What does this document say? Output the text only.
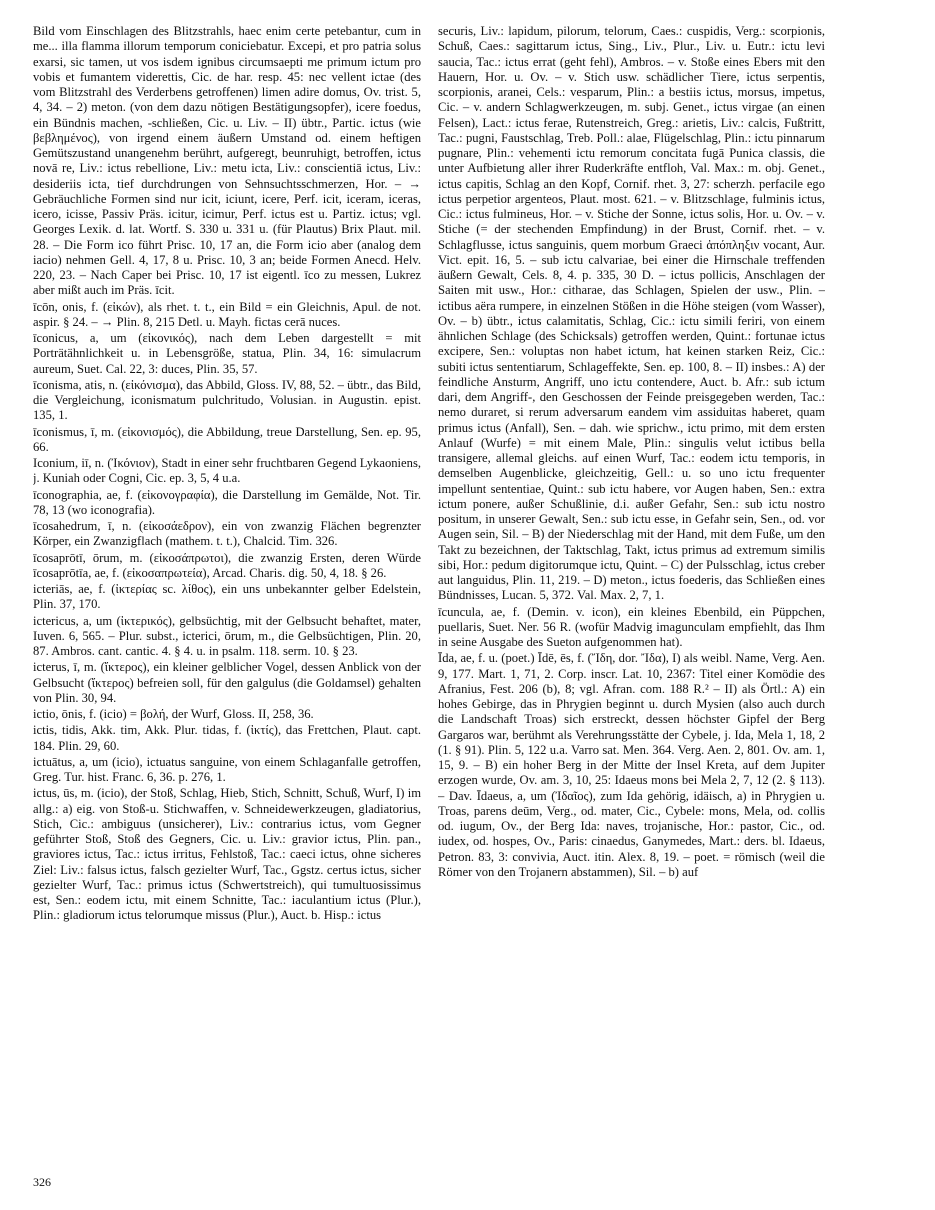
Bild vom Einschlagen des Blitzstrahls, haec enim certe petebantur, cum in me... illa flamma illorum temporum coniciebatur. Excepi, et pro patria solus exarsi, sic tamen, ut vos isdem ignibus circumsaepti me primum ictum pro vobis et fumantem viderettis, Cic. de har. resp. 45: nec vellent ictae (des vom Blitzstrahl des Verderbens getroffenen) limen adire domus, Ov. trist. 5, 4, 34. – 2) meton. (von dem dazu nötigen Bestätigungsopfer), icere foedus, ein Bündnis machen, -schließen, Cic. u. Liv. – II) übtr., Partic. ictus (wie βεβλημένος), von irgend einem äußern Umstand od. einem heftigen Gemütszustand unangenehm berührt, aufgeregt, beunruhigt, betroffen, ictus novā re, Liv.: ictus rebellione, Liv.: metu icta, Liv.: conscientiā ictus, Liv.: desideriis icta, tief durchdrungen von Sehnsuchtsschmerzen, Hor. – → Gebräuchliche Formen sind nur icit, iciunt, icere, Perf. icit, iceram, iceras, icero, icisse, Passiv Präs. icitur, icimur, Perf. ictus est u. Partiz. ictus; vgl. Georges Lexik. d. lat. Wortf. S. 330 u. 331 u. (für Plautus) Brix Plaut. mil. 28. – Die Form ico führt Prisc. 10, 17 an, die Form icio aber (analog dem iacio) nehmen Gell. 4, 17, 8 u. Prisc. 10, 3 an; beide Formen Anecd. Helv. 220, 23. – Nach Caper bei Prisc. 10, 17 ist eigentl. īco zu messen, Lukrez aber mißt auch im Präs. īcit.

īcōn, onis, f. (εἰκών), als rhet. t. t., ein Bild = ein Gleichnis, Apul. de not. aspir. § 24. – → Plin. 8, 215 Detl. u. Mayh. fictas cerā nuces.

īconicus, a, um (εἰκονικός), nach dem Leben dargestellt = mit Porträtähnlichkeit u. in Lebensgröße, statua, Plin. 34, 16: simulacrum aureum, Suet. Cal. 22, 3: duces, Plin. 35, 57.

īconisma, atis, n. (εἰκόνισμα), das Abbild, Gloss. IV, 88, 52. – übtr., das Bild, die Vergleichung, iconismatum pulchritudo, Volusian. in Augustin. epist. 135, 1.

īconismus, ī, m. (εἰκονισμός), die Abbildung, treue Darstellung, Sen. ep. 95, 66.

Iconium, iī, n. (Ἰκόνιον), Stadt in einer sehr fruchtbaren Gegend Lykaoniens, j. Kuniah oder Cogni, Cic. ep. 3, 5, 4 u.a.

īconographia, ae, f. (εἰκονογραφία), die Darstellung im Gemälde, Not. Tir. 78, 13 (wo iconografia).

īcosahedrum, ī, n. (εἰκοσάεδρον), ein von zwanzig Flächen begrenzter Körper, ein Zwanzigflach (mathem. t. t.), Chalcid. Tim. 326.

īcosaprōtī, ōrum, m. (εἰκοσάπρωτοι), die zwanzig Ersten, deren Würde īcosaprōtīa, ae, f. (εἰκοσαπρωτεία), Arcad. Charis. dig. 50, 4, 18. § 26.

icteriās, ae, f. (ἰκτερίας sc. λίθος), ein uns unbekannter gelber Edelstein, Plin. 37, 170.

ictericus, a, um (ἰκτερικός), gelbsüchtig, mit der Gelbsucht behaftet, mater, Iuven. 6, 565. – Plur. subst., icterici, ōrum, m., die Gelbsüchtigen, Plin. 20, 87. Ambros. cant. cantic. 4. § 4. u. in psalm. 118. serm. 10. § 23.

icterus, ī, m. (ἴκτερος), ein kleiner gelblicher Vogel, dessen Anblick von der Gelbsucht (ἴκτερος) befreien soll, für den galgulus (die Goldamsel) gehalten von Plin. 30, 94.

ictio, ōnis, f. (icio) = βολή, der Wurf, Gloss. II, 258, 36.

ictis, tidis, Akk. tim, Akk. Plur. tidas, f. (ἰκτίς), das Frettchen, Plaut. capt. 184. Plin. 29, 60.

ictuātus, a, um (icio), ictuatus sanguine, von einem Schlaganfalle getroffen, Greg. Tur. hist. Franc. 6, 36. p. 276, 1.

ictus, ūs, m. (icio), der Stoß, Schlag, Hieb, Stich, Schnitt, Schuß, Wurf, I) im allg.: a) eig. von Stoß-u. Stichwaffen, v. Schneidewerkzeugen, gladiatorius, Stich, Cic.: ambiguus (unsicherer), Liv.: contrarius ictus, vom Gegner geführter Stoß, Stoß des Gegners, Cic. u. Liv.: gravior ictus, Plin. pan., graviores ictus, Tac.: ictus irritus, Fehlstoß, Tac.: caeci ictus, ohne sicheres Ziel: Liv.: falsus ictus, falsch gezielter Wurf, Tac., Ggstz. certus ictus, sicher gezielter Wurf, Tac.: primus ictus (Schwertstreich), qui tumultuosissimus est, Sen.: eodem ictu, mit einem Schnitte, Tac.: iaculantium ictus (Plur.), Plin.: gladiorum ictus telorumque missus (Plur.), Auct. b. Hisp.: ictus

securis, Liv.: lapidum, pilorum, telorum, Caes.: cuspidis, Verg.: scorpionis, Schuß, Caes.: sagittarum ictus, Sing., Liv., Plur., Liv. u. Eutr.: ictu levi saucia, Tac.: ictus errat (geht fehl), Ambros. – v. Stoße eines Ebers mit den Hauern, Hor. u. Ov. – v. Stich usw. schädlicher Tiere, ictus serpentis, scorpionis, aranei, Cels.: vesparum, Plin.: a bestiis ictus, morsus, impetus, Cic. – v. andern Schlagwerkzeugen, m. subj. Genet., ictus virgae (an einen Felsen), Lact.: ictus ferae, Rutenstreich, Greg.: arietis, Liv.: calcis, Fußtritt, Tac.: pugni, Faustschlag, Treb. Poll.: alae, Flügelschlag, Plin.: ictu pinnarum pugnare, Plin.: vehementi ictu remorum concitata fugā Punica classis, die unter Aufbietung aller ihrer Ruderkräfte entfloh, Val. Max.: m. obj. Genet., ictus capitis, Schlag an den Kopf, Cornif. rhet. 3, 27: scherzh. perfacile ego ictus perpetior argenteos, Plaut. most. 621. – v. Blitzschlage, fulminis ictus, Cic.: ictus fulmineus, Hor. – v. Stiche der Sonne, ictus solis, Hor. u. Ov. – v. Stiche (= der stechenden Empfindung) in der Brust, Cornif. rhet. – v. Schlagflusse, ictus sanguinis, quem morbum Graeci ἀπόπληξιν vocant, Aur. Vict. epit. 16, 5. – sub ictu calvariae, bei einer die Hirnschale treffenden äußern Gewalt, Cels. 8, 4. p. 335, 30 D. – ictus pollicis, Anschlagen der Saiten mit usw., Hor.: citharae, das Schlagen, Spielen der usw., Plin. – ictibus aëra rumpere, in einzelnen Stößen in die Höhe steigen (vom Wasser), Ov. – b) übtr., ictus calamitatis, Schlag, Cic.: ictu simili feriri, von einem ähnlichen Schlage (des Schicksals) getroffen werden, Quint.: fortunae ictus excipere, Sen.: voluptas non habet ictum, hat keinen starken Reiz, Cic.: subiti ictus sententiarum, Schlageffekte, Sen. ep. 100, 8. – II) insbes.: A) der feindliche Ansturm, Angriff, uno ictu contendere, Auct. b. Afr.: sub ictum dari, dem Angriff-, den Geschossen der Feinde preisgegeben werden, Tac.: nemo duraret, si rerum adversarum eandem vim assiduitas haberet, quam primus ictus (Anfall), Sen. – dah. wie sprichw., ictu primo, mit dem ersten Anlauf (Wurfe) = mit einem Male, Plin.: singulis velut ictibus bella transigere, allemal gleichs. auf einen Wurf, Tac.: eodem ictu temporis, in demselben Augenblicke, gleichzeitig, Gell.: u. so uno ictu frequenter impellunt sententiae, Quint.: sub ictu habere, vor Augen haben, Sen.: extra ictum ponere, außer Schußlinie, d.i. außer Gefahr, Sen.: sub ictu nostro positum, in unserer Gewalt, Sen.: sub ictu esse, in Gefahr sein, Sen., od. vor Augen sein, Sil. – B) der Niederschlag mit der Hand, mit dem Fuße, um den Takt zu bezeichnen, der Taktschlag, Takt, ictus primus ad extremum similis sibi, Hor.: pedum digitorumque ictu, Quint. – C) der Pulsschlag, ictus creber aut languidus, Plin. 11, 219. – D) meton., ictus foederis, das Schließen eines Bündnisses, Lucan. 5, 372. Val. Max. 2, 7, 1.

īcuncula, ae, f. (Demin. v. icon), ein kleines Ebenbild, ein Püppchen, puellaris, Suet. Ner. 56 R. (wofür Madvig imagunculam empfiehlt, das Ihm in seine Ausgabe des Sueton aufgenommen hat).

Īda, ae, f. u. (poet.) Īdē, ēs, f. (Ἴδη, dor. Ἴδα), I) als weibl. Name, Verg. Aen. 9, 177. Mart. 1, 71, 2. Corp. inscr. Lat. 10, 2367: Titel einer Komödie des Afranius, Fest. 206 (b), 8; vgl. Afran. com. 188 R.² – II) als Örtl.: A) ein hohes Gebirge, das in Phrygien beginnt u. durch Mysien (also auch durch die Landschaft Troas) sich erstreckt, dessen höchster Gipfel der Berg Gargaros war, berühmt als Verehrungsstätte der Cybele, j. Ida, Mela 1, 18, 2 (1. § 91). Plin. 5, 122 u.a. Varro sat. Men. 364. Verg. Aen. 2, 801. Ov. am. 1, 15, 9. – B) ein hoher Berg in der Mitte der Insel Kreta, auf dem Jupiter erzogen wurde, Ov. am. 3, 10, 25: Idaeus mons bei Mela 2, 7, 12 (2. § 113). – Dav. Īdaeus, a, um (Ἰδαῖος), zum Ida gehörig, idäisch, a) in Phrygien u. Troas, parens deūm, Verg., od. mater, Cic., Cybele: mons, Mela, od. collis od. iugum, Ov., der Berg Ida: naves, trojanische, Hor.: pastor, Cic., od. iudex, od. hospes, Ov., Paris: cinaedus, Ganymedes, Mart.: ders. bl. Idaeus, Petron. 83, 3: convivia, Auct. itin. Alex. 8, 19. – poet. = römisch (weil die Römer von den Trojanern abstammen), Sil. – b) auf

326
